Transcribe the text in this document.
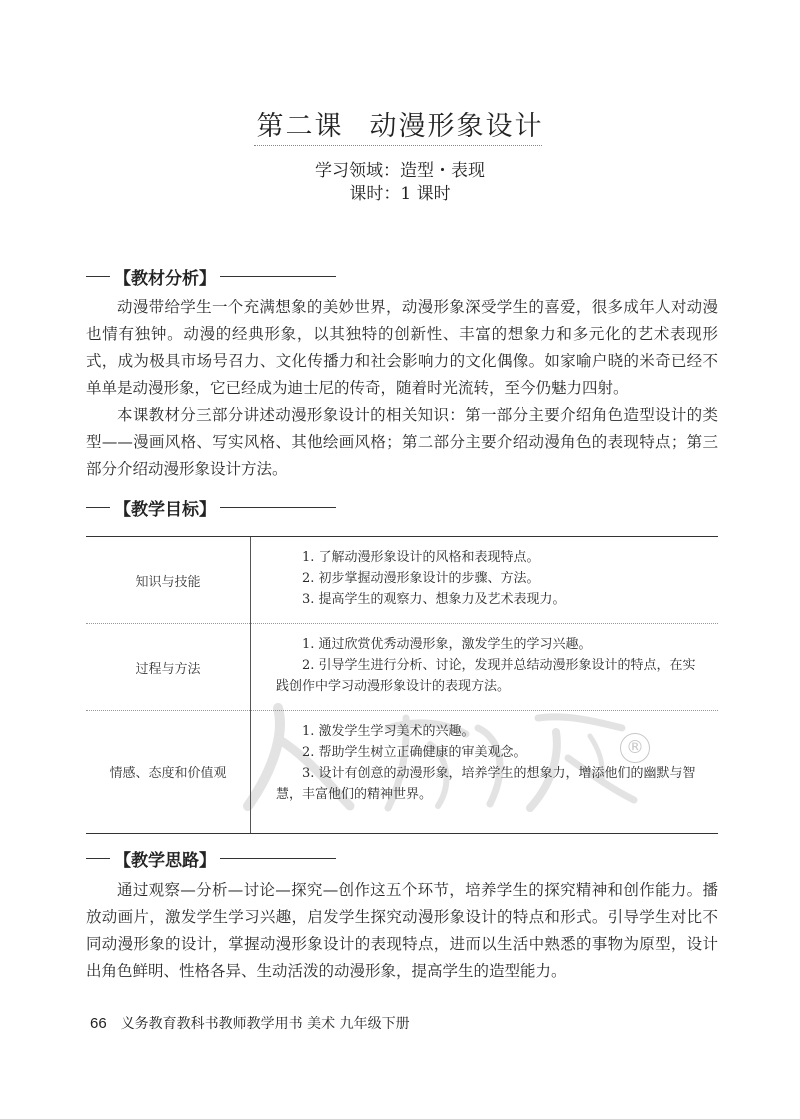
第二课 动漫形象设计
学习领域：造型・表现
课时：1 课时
【教材分析】
动漫带给学生一个充满想象的美妙世界，动漫形象深受学生的喜爱，很多成年人对动漫也情有独钟。动漫的经典形象，以其独特的创新性、丰富的想象力和多元化的艺术表现形式，成为极具市场号召力、文化传播力和社会影响力的文化偶像。如家喻户晓的米奇已经不单单是动漫形象，它已经成为迪士尼的传奇，随着时光流转，至今仍魅力四射。
本课教材分三部分讲述动漫形象设计的相关知识：第一部分主要介绍角色造型设计的类型——漫画风格、写实风格、其他绘画风格；第二部分主要介绍动漫角色的表现特点；第三部分介绍动漫形象设计方法。
【教学目标】
知识与技能
1. 了解动漫形象设计的风格和表现特点。
2. 初步掌握动漫形象设计的步骤、方法。
3. 提高学生的观察力、想象力及艺术表现力。
过程与方法
1. 通过欣赏优秀动漫形象，激发学生的学习兴趣。
2. 引导学生进行分析、讨论，发现并总结动漫形象设计的特点，在实践创作中学习动漫形象设计的表现方法。
情感、态度和价值观
1. 激发学生学习美术的兴趣。
2. 帮助学生树立正确健康的审美观念。
3. 设计有创意的动漫形象，培养学生的想象力，增添他们的幽默与智慧，丰富他们的精神世界。
®
【教学思路】
通过观察—分析—讨论—探究—创作这五个环节，培养学生的探究精神和创作能力。播放动画片，激发学生学习兴趣，启发学生探究动漫形象设计的特点和形式。引导学生对比不同动漫形象的设计，掌握动漫形象设计的表现特点，进而以生活中熟悉的事物为原型，设计出角色鲜明、性格各异、生动活泼的动漫形象，提高学生的造型能力。
66 义务教育教科书教师教学用书 美术 九年级下册
